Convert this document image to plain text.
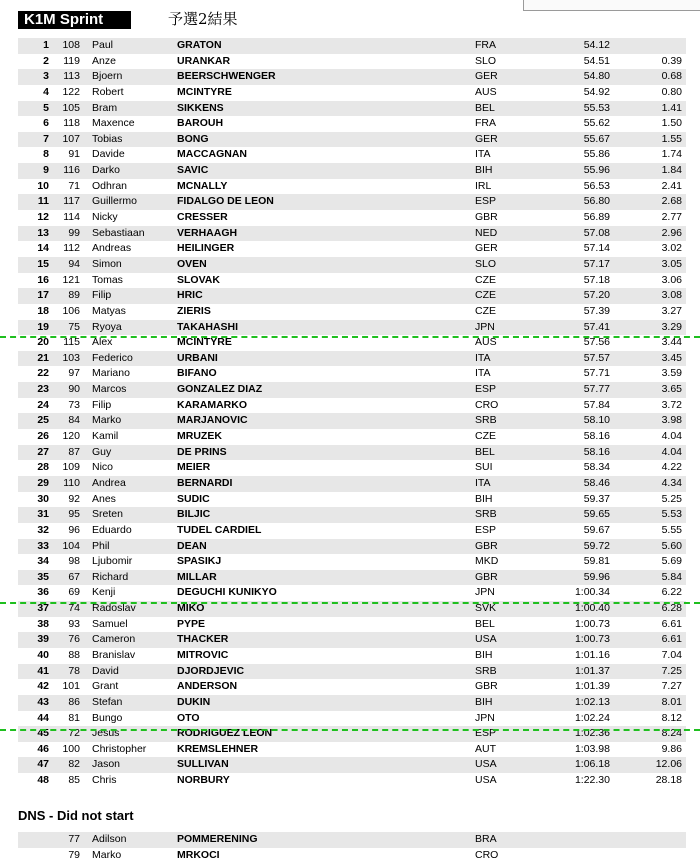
K1M Sprint	予選2結果
1	108 Paul	GRATON	FRA	54.12
2	119 Anze	URANKAR	SLO	54.51	0.39
3	113 Bjoern	BEERSCHWENGER	GER	54.80	0.68
4	122 Robert	MCINTYRE	AUS	54.92	0.80
5	105 Bram	SIKKENS	BEL	55.53	1.41
6	118 Maxence	BAROUH	FRA	55.62	1.50
7	107 Tobias	BONG	GER	55.67	1.55
8	91 Davide	MACCAGNAN	ITA	55.86	1.74
9	116 Darko	SAVIC	BIH	55.96	1.84
10	71 Odhran	MCNALLY	IRL	56.53	2.41
11	117 Guillermo	FIDALGO DE LEON	ESP	56.80	2.68
12	114 Nicky	CRESSER	GBR	56.89	2.77
13	99 Sebastiaan	VERHAAGH	NED	57.08	2.96
14	112 Andreas	HEILINGER	GER	57.14	3.02
15	94 Simon	OVEN	SLO	57.17	3.05
16	121 Tomas	SLOVAK	CZE	57.18	3.06
17	89 Filip	HRIC	CZE	57.20	3.08
18	106 Matyas	ZIERIS	CZE	57.39	3.27
19	75 Ryoya	TAKAHASHI	JPN	57.41	3.29
20	115 Alex	MCINTYRE	AUS	57.56	3.44
21	103 Federico	URBANI	ITA	57.57	3.45
22	97 Mariano	BIFANO	ITA	57.71	3.59
23	90 Marcos	GONZALEZ DIAZ	ESP	57.77	3.65
24	73 Filip	KARAMARKO	CRO	57.84	3.72
25	84 Marko	MARJANOVIC	SRB	58.10	3.98
26	120 Kamil	MRUZEK	CZE	58.16	4.04
27	87 Guy	DE PRINS	BEL	58.16	4.04
28	109 Nico	MEIER	SUI	58.34	4.22
29	110 Andrea	BERNARDI	ITA	58.46	4.34
30	92 Anes	SUDIC	BIH	59.37	5.25
31	95 Sreten	BILJIC	SRB	59.65	5.53
32	96 Eduardo	TUDEL CARDIEL	ESP	59.67	5.55
33	104 Phil	DEAN	GBR	59.72	5.60
34	98 Ljubomir	SPASIKJ	MKD	59.81	5.69
35	67 Richard	MILLAR	GBR	59.96	5.84
36	69 Kenji	DEGUCHI KUNIKYO	JPN	1:00.34	6.22
37	74 Radoslav	MIKO	SVK	1:00.40	6.28
38	93 Samuel	PYPE	BEL	1:00.73	6.61
39	76 Cameron	THACKER	USA	1:00.73	6.61
40	88 Branislav	MITROVIC	BIH	1:01.16	7.04
41	78 David	DJORDJEVIC	SRB	1:01.37	7.25
42	101 Grant	ANDERSON	GBR	1:01.39	7.27
43	86 Stefan	DUKIN	BIH	1:02.13	8.01
44	81 Bungo	OTO	JPN	1:02.24	8.12
45	72 Jesus	RODRIGUEZ LEON	ESP	1:02.36	8.24
46	100 Christopher	KREMSLEHNER	AUT	1:03.98	9.86
47	82 Jason	SULLIVAN	USA	1:06.18	12.06
48	85 Chris	NORBURY	USA	1:22.30	28.18
DNS - Did not start
77 Adilson	POMMERENING	BRA
79 Marko	MRKOCI	CRO
